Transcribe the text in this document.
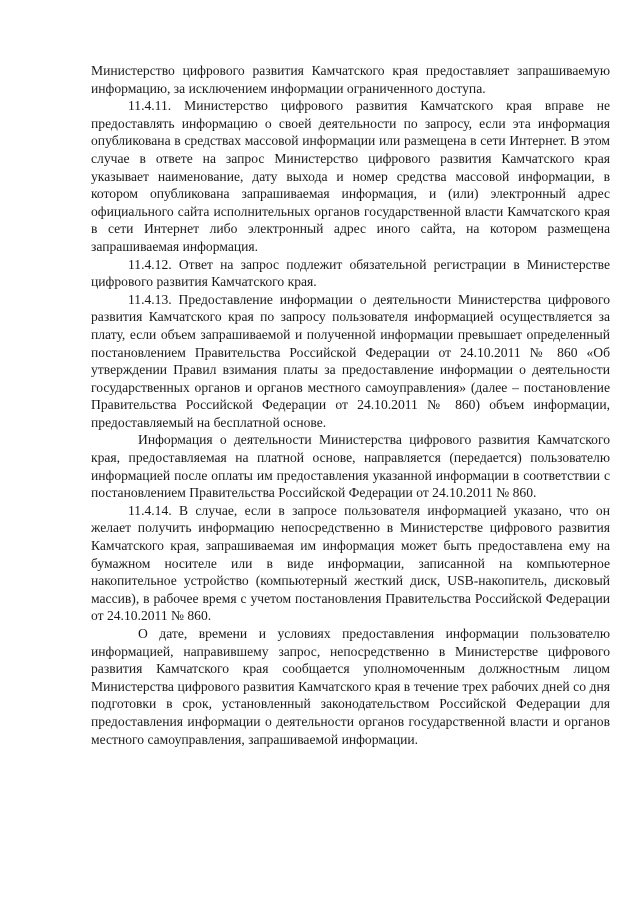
Министерство цифрового развития Камчатского края предоставляет запрашиваемую информацию, за исключением информации ограниченного доступа.

11.4.11. Министерство цифрового развития Камчатского края вправе не предоставлять информацию о своей деятельности по запросу, если эта информация опубликована в средствах массовой информации или размещена в сети Интернет. В этом случае в ответе на запрос Министерство цифрового развития Камчатского края указывает наименование, дату выхода и номер средства массовой информации, в котором опубликована запрашиваемая информация, и (или) электронный адрес официального сайта исполнительных органов государственной власти Камчатского края в сети Интернет либо электронный адрес иного сайта, на котором размещена запрашиваемая информация.

11.4.12. Ответ на запрос подлежит обязательной регистрации в Министерстве цифрового развития Камчатского края.

11.4.13. Предоставление информации о деятельности Министерства цифрового развития Камчатского края по запросу пользователя информацией осуществляется за плату, если объем запрашиваемой и полученной информации превышает определенный постановлением Правительства Российской Федерации от 24.10.2011 № 860 «Об утверждении Правил взимания платы за предоставление информации о деятельности государственных органов и органов местного самоуправления» (далее – постановление Правительства Российской Федерации от 24.10.2011 № 860) объем информации, предоставляемый на бесплатной основе.

Информация о деятельности Министерства цифрового развития Камчатского края, предоставляемая на платной основе, направляется (передается) пользователю информацией после оплаты им предоставления указанной информации в соответствии с постановлением Правительства Российской Федерации от 24.10.2011 № 860.

11.4.14. В случае, если в запросе пользователя информацией указано, что он желает получить информацию непосредственно в Министерстве цифрового развития Камчатского края, запрашиваемая им информация может быть предоставлена ему на бумажном носителе или в виде информации, записанной на компьютерное накопительное устройство (компьютерный жесткий диск, USB-накопитель, дисковый массив), в рабочее время с учетом постановления Правительства Российской Федерации от 24.10.2011 № 860.

О дате, времени и условиях предоставления информации пользователю информацией, направившему запрос, непосредственно в Министерстве цифрового развития Камчатского края сообщается уполномоченным должностным лицом Министерства цифрового развития Камчатского края в течение трех рабочих дней со дня подготовки в срок, установленный законодательством Российской Федерации для предоставления информации о деятельности органов государственной власти и органов местного самоуправления, запрашиваемой информации.
